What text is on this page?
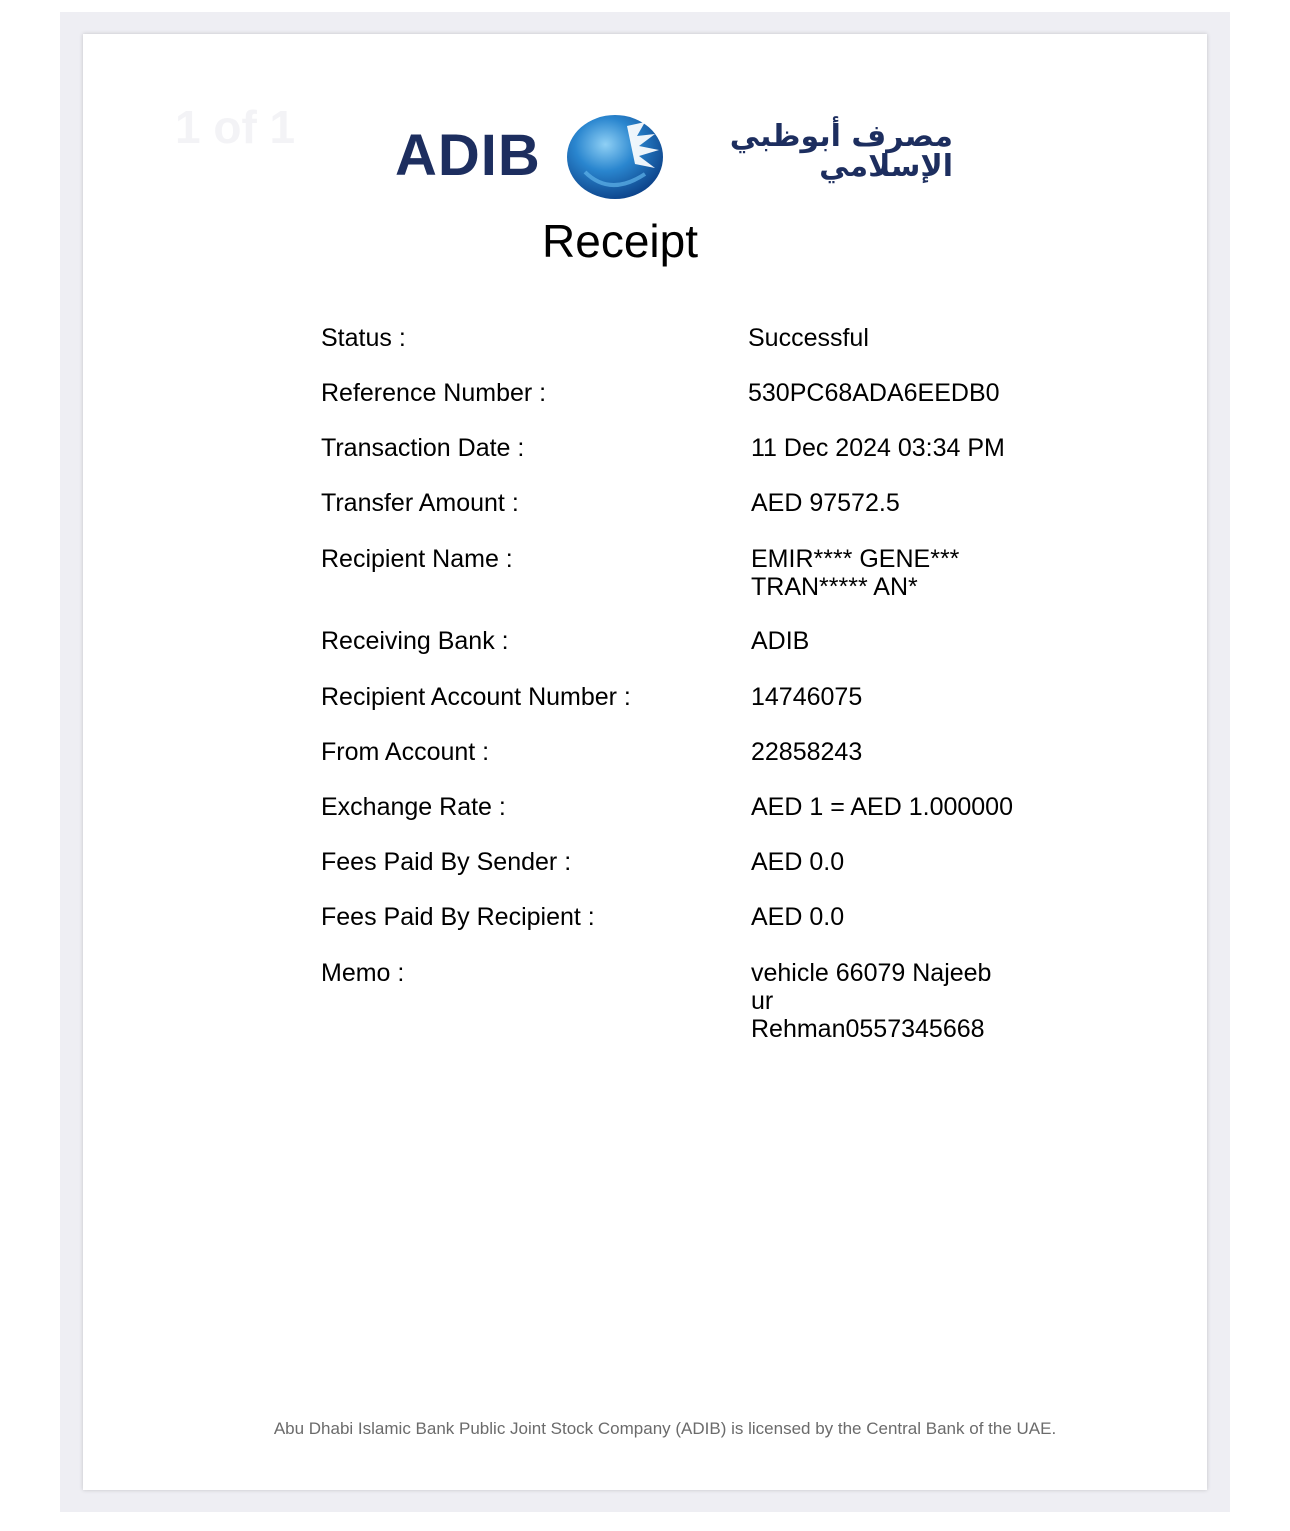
1 of 1 ADIB	مصرف أبوظبي
الإسلامي
Receipt
Status :	Successful
Reference Number :	530PC68ADA6EEDB0
Transaction Date :	11 Dec 2024 03:34 PM
Transfer Amount :	AED 97572.5
Recipient Name :	EMIR**** GENE***
TRAN***** AN*
Receiving Bank :	ADIB
Recipient Account Number :	14746075
From Account :	22858243
Exchange Rate :	AED 1 = AED 1.000000
Fees Paid By Sender :	AED 0.0
Fees Paid By Recipient :	AED 0.0
Memo :	vehicle 66079 Najeeb
ur
Rehman0557345668
Abu Dhabi Islamic Bank Public Joint Stock Company (ADIB) is licensed by the Central Bank of the UAE.
